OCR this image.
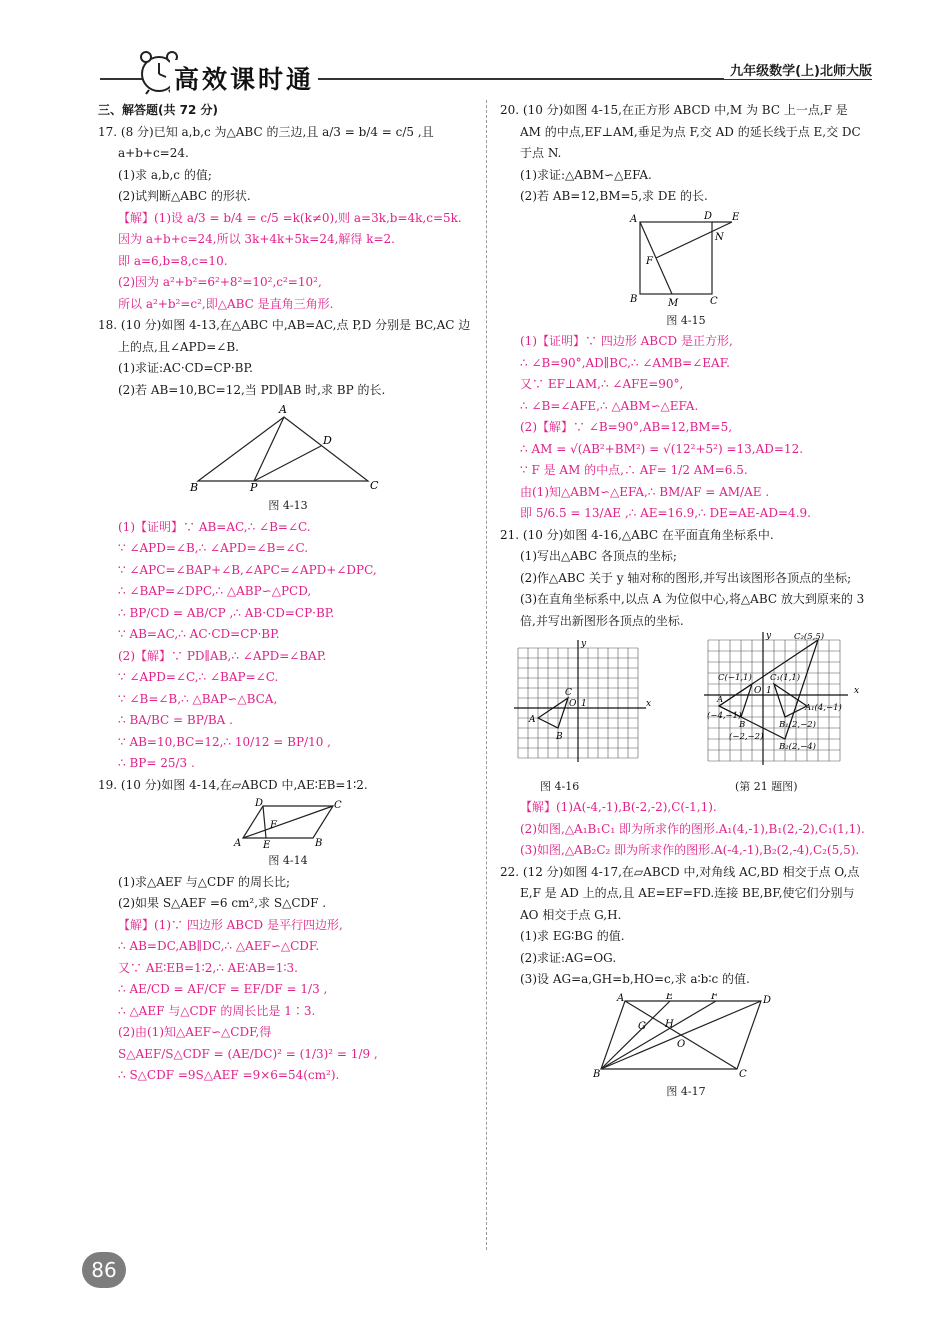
高效课时通	九年级数学(上)北师大版

三、解答题(共 72 分)

17. (8 分)已知 a,b,c 为△ABC 的三边,且 a/3 = b/4 = c/5 ,且 a+b+c=24.

(1)求 a,b,c 的值;

(2)试判断△ABC 的形状.

【解】(1)设 a/3 = b/4 = c/5 =k(k≠0),则 a=3k,b=4k,c=5k.

因为 a+b+c=24,所以 3k+4k+5k=24,解得 k=2.

即 a=6,b=8,c=10.

(2)因为 a²+b²=6²+8²=10²,c²=10²,

所以 a²+b²=c²,即△ABC 是直角三角形.

18. (10 分)如图 4-13,在△ABC 中,AB=AC,点 P,D 分别是 BC,AC 边上的点,且∠APD=∠B.

(1)求证:AC·CD=CP·BP.

(2)若 AB=10,BC=12,当 PD∥AB 时,求 BP 的长.

A
B	P	C
D

图 4-13

(1)【证明】∵ AB=AC,∴ ∠B=∠C.

∵ ∠APD=∠B,∴ ∠APD=∠B=∠C.

∵ ∠APC=∠BAP+∠B,∠APC=∠APD+∠DPC,

∴ ∠BAP=∠DPC,∴ △ABP∽△PCD,

∴ BP/CD = AB/CP ,∴ AB·CD=CP·BP.

∵ AB=AC,∴ AC·CD=CP·BP.

(2)【解】∵ PD∥AB,∴ ∠APD=∠BAP.

∵ ∠APD=∠C,∴ ∠BAP=∠C.

∵ ∠B=∠B,∴ △BAP∽△BCA,

∴ BA/BC = BP/BA .

∵ AB=10,BC=12,∴ 10/12 = BP/10 ,

∴ BP= 25/3 .

19. (10 分)如图 4-14,在▱ABCD 中,AE∶EB=1∶2.

D	C
A	B
E
F

图 4-14

(1)求△AEF 与△CDF 的周长比;

(2)如果 S△AEF =6 cm²,求 S△CDF .

【解】(1)∵ 四边形 ABCD 是平行四边形,

∴ AB=DC,AB∥DC,∴ △AEF∽△CDF.

又∵ AE∶EB=1∶2,∴ AE∶AB=1∶3.

∴ AE/CD = AF/CF = EF/DF = 1/3 ,

∴ △AEF 与△CDF 的周长比是 1∶3.

(2)由(1)知△AEF∽△CDF,得

S△AEF/S△CDF = (AE/DC)² = (1/3)² = 1/9 ,

∴ S△CDF =9S△AEF =9×6=54(cm²).

20. (10 分)如图 4-15,在正方形 ABCD 中,M 为 BC 上一点,F 是 AM 的中点,EF⊥AM,垂足为点 F,交 AD 的延长线于点 E,交 DC 于点 N.

(1)求证:△ABM∽△EFA.

(2)若 AB=12,BM=5,求 DE 的长.

A	D E
N
F
B	M	C

图 4-15

(1)【证明】∵ 四边形 ABCD 是正方形,

∴ ∠B=90°,AD∥BC,∴ ∠AMB=∠EAF.

又∵ EF⊥AM,∴ ∠AFE=90°,

∴ ∠B=∠AFE,∴ △ABM∽△EFA.

(2)【解】∵ ∠B=90°,AB=12,BM=5,

∴ AM = √(AB²+BM²) = √(12²+5²) =13,AD=12.

∵ F 是 AM 的中点,∴ AF= 1/2 AM=6.5.

由(1)知△ABM∽△EFA,∴ BM/AF = AM/AE .

即 5/6.5 = 13/AE ,∴ AE=16.9,∴ DE=AE-AD=4.9.

21. (10 分)如图 4-16,△ABC 在平面直角坐标系中.

(1)写出△ABC 各顶点的坐标;

(2)作△ABC 关于 y 轴对称的图形,并写出该图形各顶点的坐标;

(3)在直角坐标系中,以点 A 为位似中心,将△ABC 放大到原来的 3 倍,并写出新图形各顶点的坐标.

A
B
C
O 1	x
y
C₂(5,5)
C(−1,1) C₁(1,1)
A
(−4,−1)
A₁(4,−1)
B
(−2,−2)
B₁(2,−2)
B₂(2,−4)
O 1	x
y

图 4-16	(第 21 题图)

【解】(1)A(-4,-1),B(-2,-2),C(-1,1).

(2)如图,△A₁B₁C₁ 即为所求作的图形.A₁(4,-1),B₁(2,-2),C₁(1,1).

(3)如图,△AB₂C₂ 即为所求作的图形.A(-4,-1),B₂(2,-4),C₂(5,5).

22. (12 分)如图 4-17,在▱ABCD 中,对角线 AC,BD 相交于点 O,点 E,F 是 AD 上的点,且 AE=EF=FD.连接 BE,BF,使它们分别与 AO 相交于点 G,H.

(1)求 EG∶BG 的值.

(2)求证:AG=OG.

(3)设 AG=a,GH=b,HO=c,求 a∶b∶c 的值.

A	E	F	D
B	C
G H
O

图 4-17

86
